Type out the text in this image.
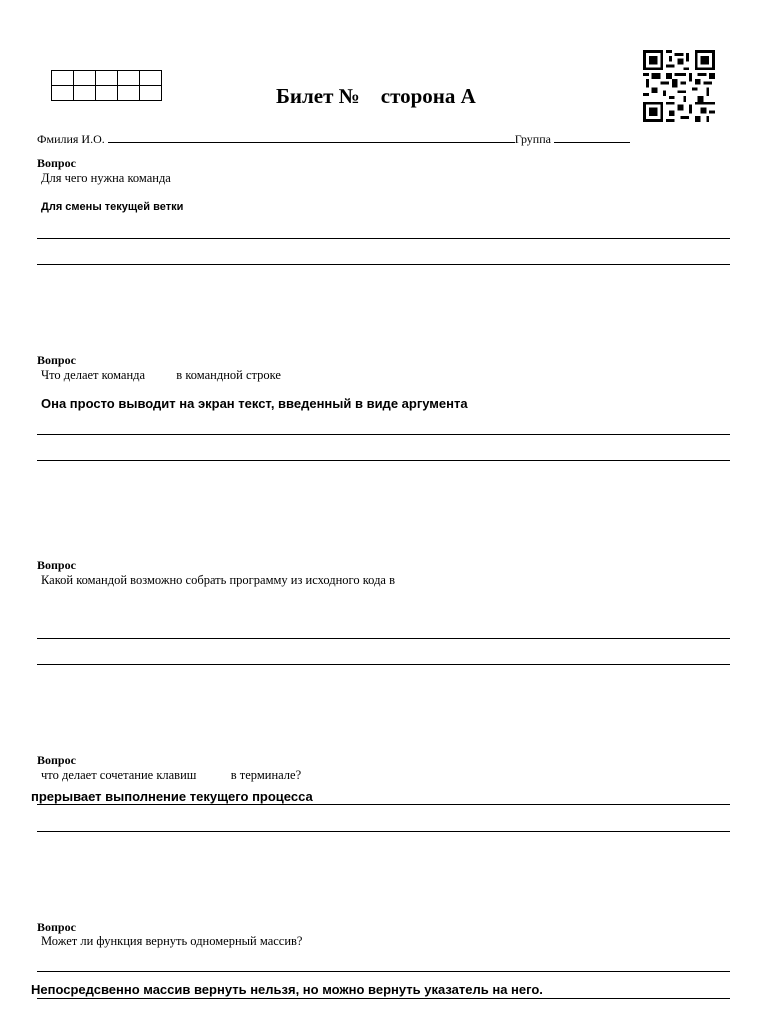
Билет №    сторона А
Фмилия И.О.	Группа
Вопрос
Для чего нужна команда
Для смены текущей ветки
Вопрос
Что делает команда          в командной строке
Она просто выводит на экран текст, введенный в виде аргумента
Вопрос
Какой командой возможно собрать программу из исходного кода в
Вопрос
что делает сочетание клавиш           в терминале?
прерывает выполнение текущего процесса
Вопрос
Может ли функция вернуть одномерный массив?
Непосредсвенно массив вернуть нельзя, но можно вернуть указатель на него.
